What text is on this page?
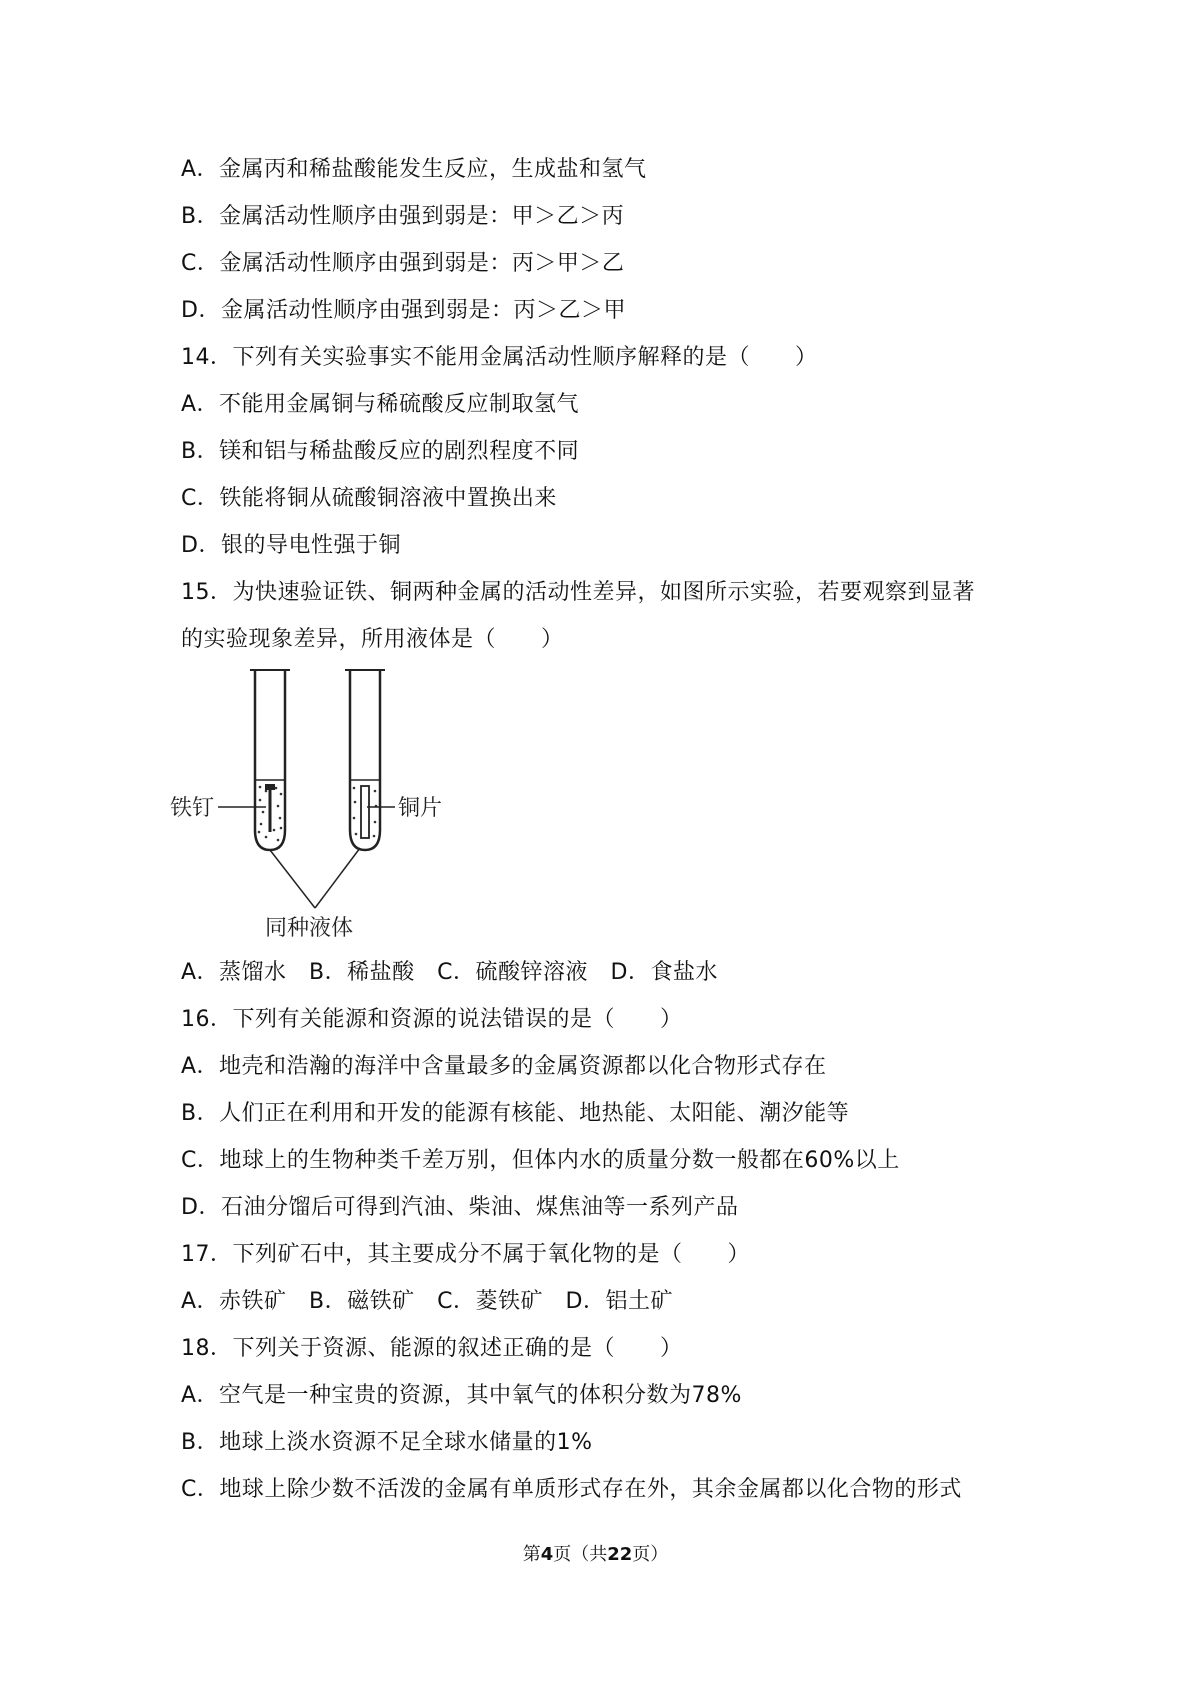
A．金属丙和稀盐酸能发生反应，生成盐和氢气
B．金属活动性顺序由强到弱是：甲＞乙＞丙
C．金属活动性顺序由强到弱是：丙＞甲＞乙
D．金属活动性顺序由强到弱是：丙＞乙＞甲
14．下列有关实验事实不能用金属活动性顺序解释的是（　　）
A．不能用金属铜与稀硫酸反应制取氢气
B．镁和铝与稀盐酸反应的剧烈程度不同
C．铁能将铜从硫酸铜溶液中置换出来
D．银的导电性强于铜
15．为快速验证铁、铜两种金属的活动性差异，如图所示实验，若要观察到显著
的实验现象差异，所用液体是（　　）
A．蒸馏水　B．稀盐酸　C．硫酸锌溶液　D．食盐水
16．下列有关能源和资源的说法错误的是（　　）
A．地壳和浩瀚的海洋中含量最多的金属资源都以化合物形式存在
B．人们正在利用和开发的能源有核能、地热能、太阳能、潮汐能等
C．地球上的生物种类千差万别，但体内水的质量分数一般都在60%以上
D．石油分馏后可得到汽油、柴油、煤焦油等一系列产品
17．下列矿石中，其主要成分不属于氧化物的是（　　）
A．赤铁矿　B．磁铁矿　C．菱铁矿　D．铝土矿
18．下列关于资源、能源的叙述正确的是（　　）
A．空气是一种宝贵的资源，其中氧气的体积分数为78%
B．地球上淡水资源不足全球水储量的1%
C．地球上除少数不活泼的金属有单质形式存在外，其余金属都以化合物的形式
铁钉	铜片
同种液体
第4页（共22页）
